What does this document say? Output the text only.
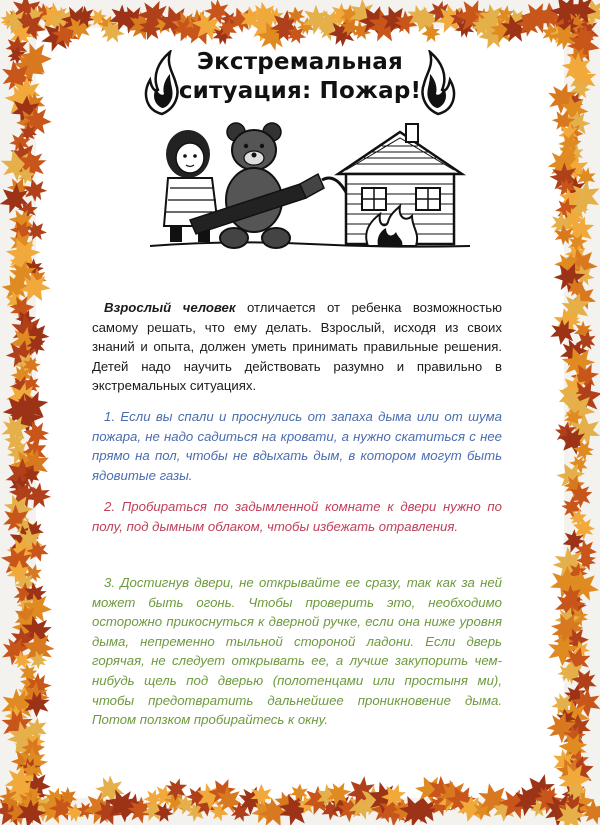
Экстремальная
ситуация: Пожар!
Взрослый человек отличается от ребенка возможностью самому решать, что ему делать. Взрослый, исходя из своих знаний и опыта, должен уметь принимать правильные решения. Детей надо научить действовать разумно и правильно в экстремальных ситуациях.
1. Если вы спали и проснулись от запаха дыма или от шума пожара, не надо садиться на кровати, а нужно скатиться с нее прямо на пол, чтобы не вдыхать дым, в котором могут быть ядовитые газы.
2. Пробираться по задымленной комнате к двери нужно по полу, под дымным облаком, чтобы избежать отравления.
3. Достигнув двери, не открывайте ее сразу, так как за ней может быть огонь. Чтобы проверить это, необходимо осторожно прикоснуться к дверной ручке, если она ниже уровня дыма, непременно тыльной стороной ладони. Если дверь горячая, не следует открывать ее, а лучше закупорить чем-нибудь щель под дверью (полотенцами или простыня ми), чтобы предотвратить дальнейшее проникновение дыма. Потом ползком пробирайтесь к окну.
